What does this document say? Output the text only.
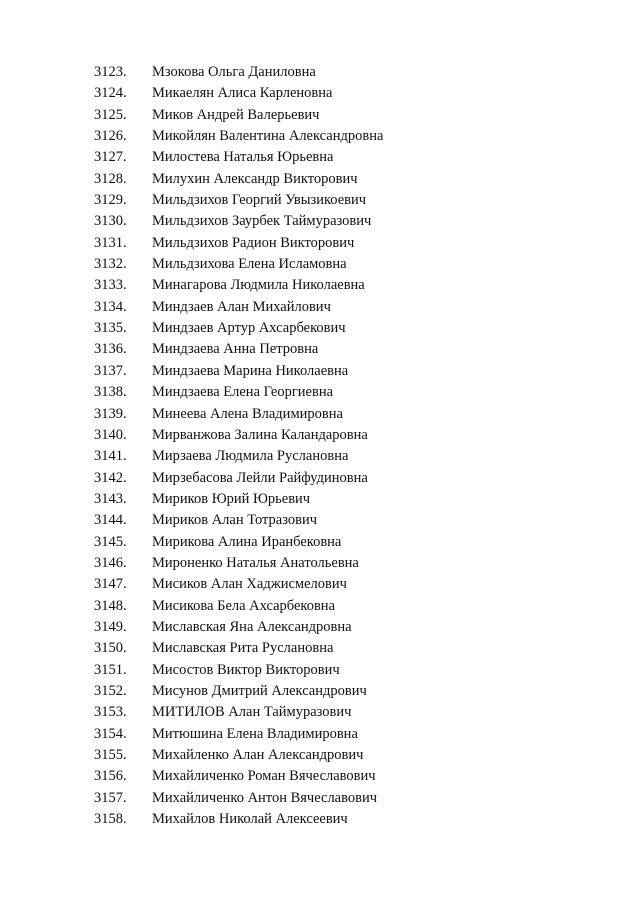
3123. Мзокова Ольга Даниловна
3124. Микаелян Алиса Карленовна
3125. Миков Андрей Валерьевич
3126. Микойлян Валентина Александровна
3127. Милостева Наталья Юрьевна
3128. Милухин Александр Викторович
3129. Мильдзихов Георгий Увызикоевич
3130. Мильдзихов Заурбек Таймуразович
3131. Мильдзихов Радион Викторович
3132. Мильдзихова Елена Исламовна
3133. Минагарова Людмила Николаевна
3134. Миндзаев Алан Михайлович
3135. Миндзаев Артур Ахсарбекович
3136. Миндзаева Анна Петровна
3137. Миндзаева Марина Николаевна
3138. Миндзаева Елена Георгиевна
3139. Минеева Алена Владимировна
3140. Мирванжова Залина Каландаровна
3141. Мирзаева Людмила Руслановна
3142. Мирзебасова Лейли Райфудиновна
3143. Мириков Юрий Юрьевич
3144. Мириков Алан Тотразович
3145. Мирикова Алина Иранбековна
3146. Мироненко Наталья Анатольевна
3147. Мисиков Алан Хаджисмелович
3148. Мисикова Бела Ахсарбековна
3149. Миславская Яна Александровна
3150. Миславская Рита Руслановна
3151. Мисостов Виктор Викторович
3152. Мисунов Дмитрий Александрович
3153. МИТИЛОВ Алан Таймуразович
3154. Митюшина Елена Владимировна
3155. Михайленко Алан Александрович
3156. Михайличенко Роман Вячеславович
3157. Михайличенко Антон Вячеславович
3158. Михайлов Николай Алексеевич
